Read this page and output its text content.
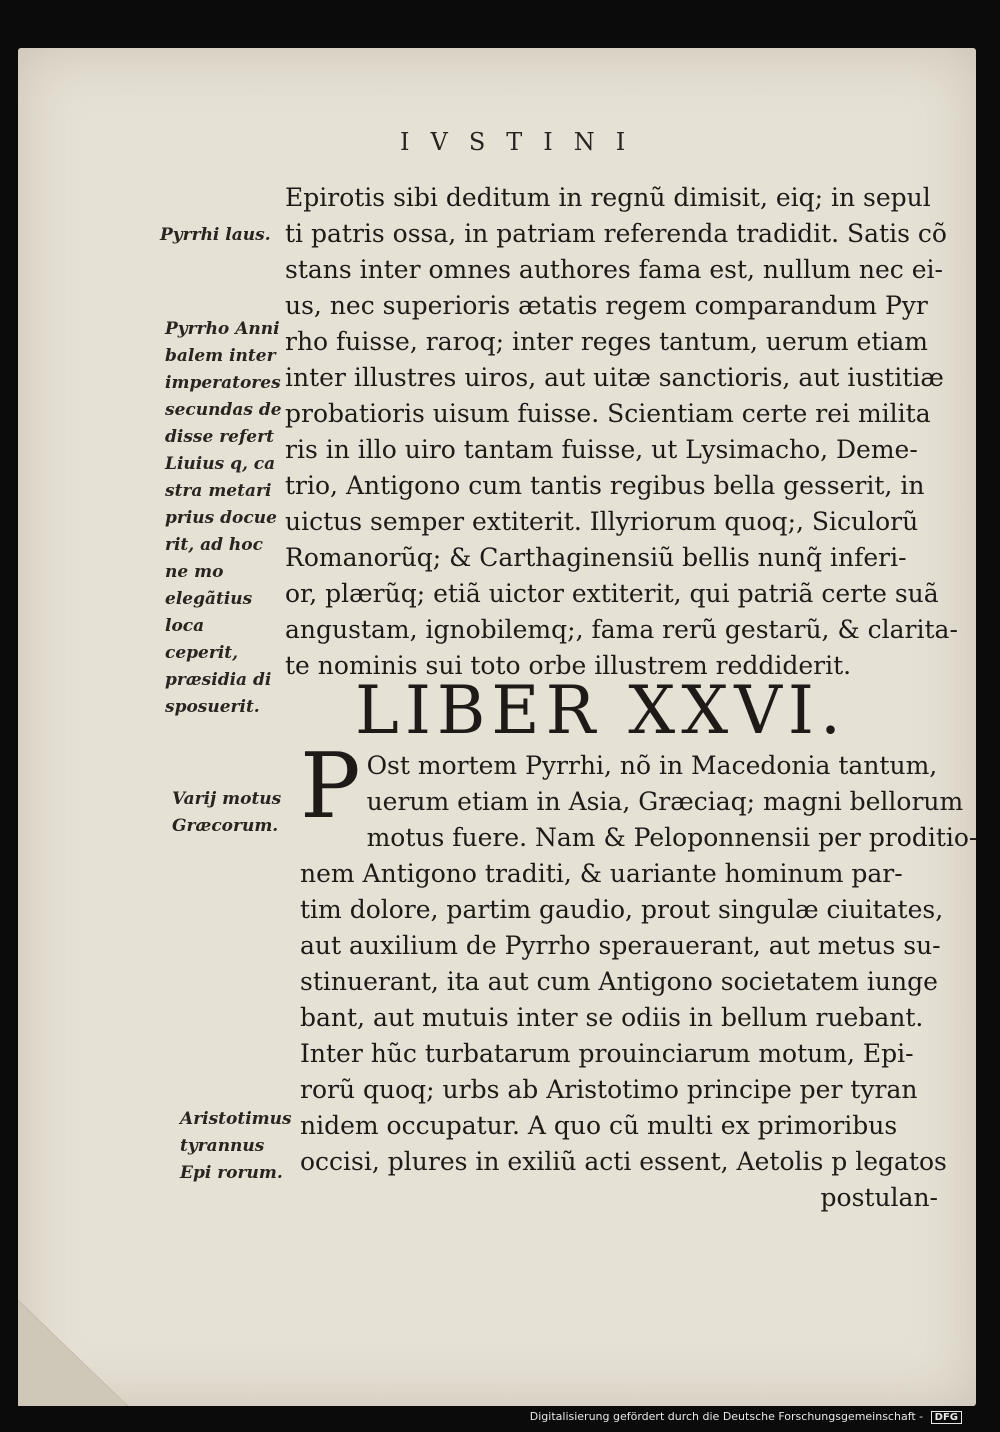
IVSTINI
Epirotis sibi deditum in regnũ dimisit, eiq; in sepul
ti patris ossa, in patriam referenda tradidit. Satis cõ
stans inter omnes authores fama est, nullum nec ei-
us, nec superioris ætatis regem comparandum Pyr
rho fuisse, raroq; inter reges tantum, uerum etiam
inter illustres uiros, aut uitæ sanctioris, aut iustitiæ
probatioris uisum fuisse. Scientiam certe rei milita
ris in illo uiro tantam fuisse, ut Lysimacho, Deme-
trio, Antigono cum tantis regibus bella gesserit, in
uictus semper extiterit. Illyriorum quoq;, Siculorũ
Romanorũq; & Carthaginensiũ bellis nunq̃ inferi-
or, plærũq; etiã uictor extiterit, qui patriã certe suã
angustam, ignobilemq;, fama rerũ gestarũ, & clarita-
te nominis sui toto orbe illustrem reddiderit.
LIBER XXVI.
P Ost mortem Pyrrhi, nõ in Macedonia tantum,
uerum etiam in Asia, Græciaq; magni bellorum
motus fuere. Nam & Peloponnensii per proditio-
nem Antigono traditi, & uariante hominum par-
tim dolore, partim gaudio, prout singulæ ciuitates,
aut auxilium de Pyrrho sperauerant, aut metus su-
stinuerant, ita aut cum Antigono societatem iunge
bant, aut mutuis inter se odiis in bellum ruebant.
Inter hũc turbatarum prouinciarum motum, Epi-
rorũ quoq; urbs ab Aristotimo principe per tyran
nidem occupatur. A quo cũ multi ex primoribus
occisi, plures in exiliũ acti essent, Aetolis p legatos
postulan-
Pyrrhi laus.
Pyrrho Anni balem inter imperatores secundas de disse refert Liuius q, ca stra metari prius docue rit, ad hoc ne mo elegãtius loca ceperit, præsidia di sposuerit.
Varij motus Græcorum.
Aristotimus tyrannus Epi rorum.
Digitalisierung gefördert durch die Deutsche Forschungsgemeinschaft - DFG
